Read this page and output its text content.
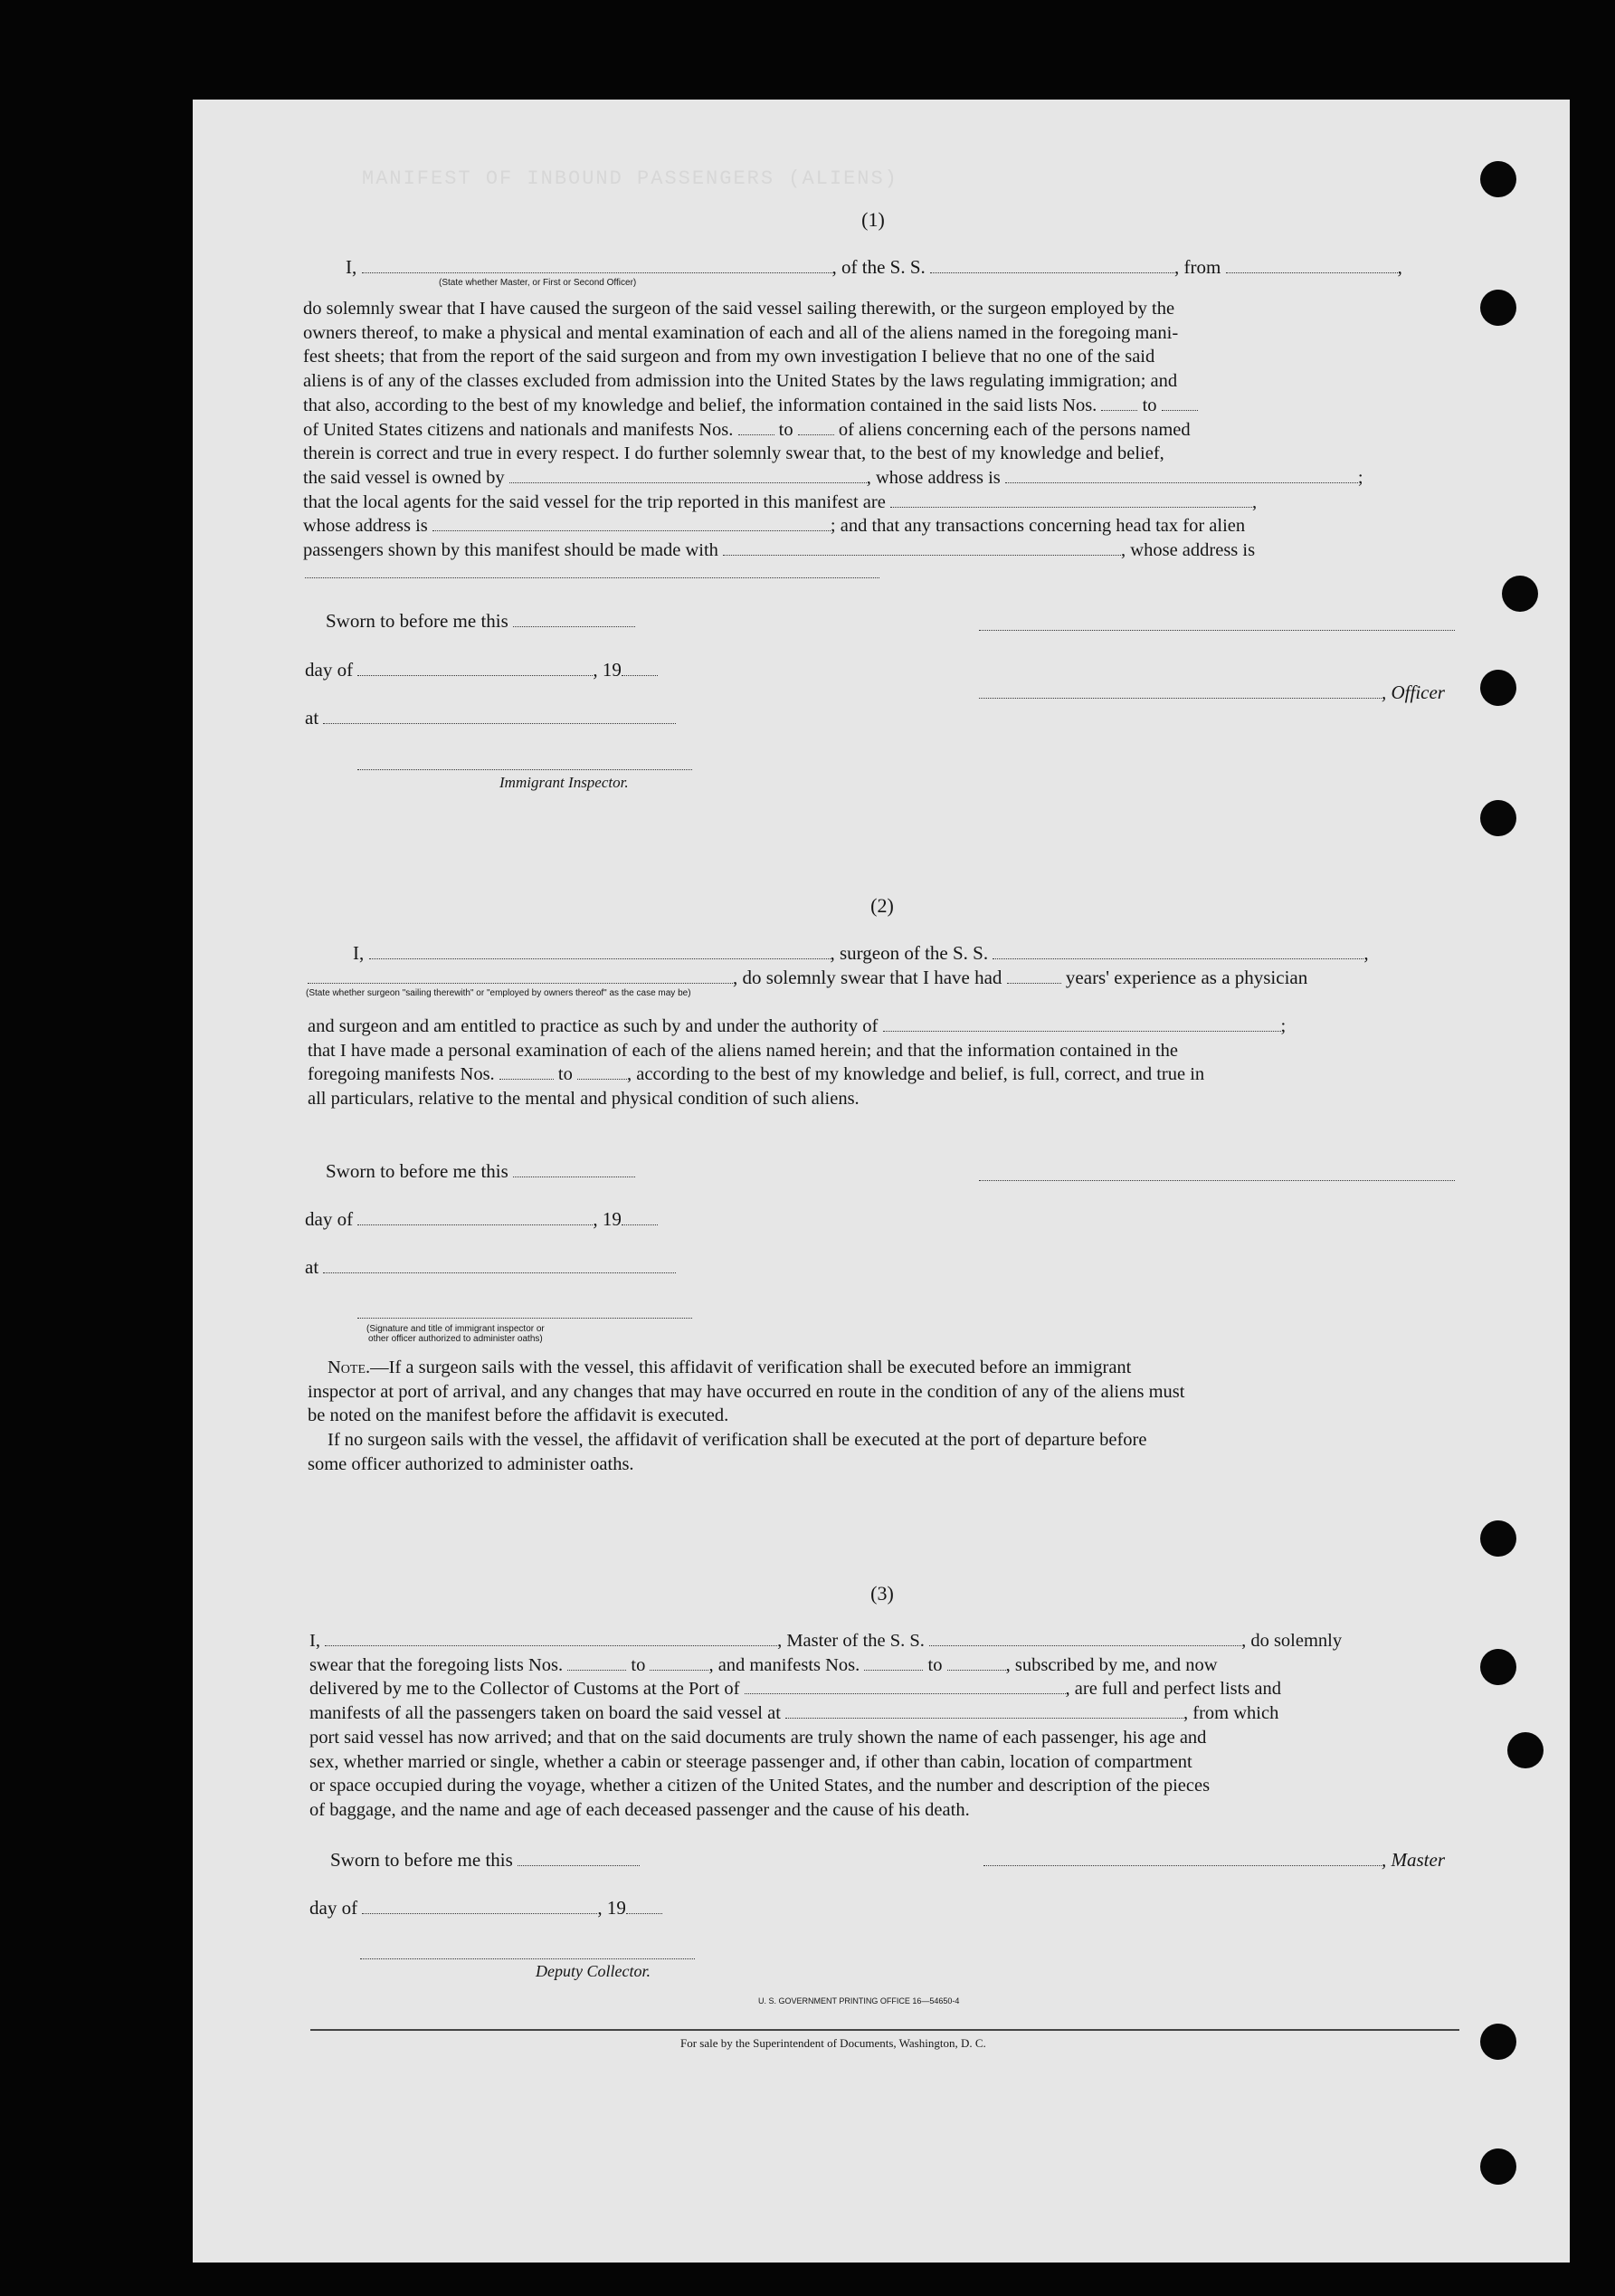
MANIFEST OF INBOUND PASSENGERS (ALIENS)
(1)
I,	, of the S. S.	, from	,
(State whether Master, or First or Second Officer)

do solemnly swear that I have caused the surgeon of the said vessel sailing therewith, or the surgeon employed by the

owners thereof, to make a physical and mental examination of each and all of the aliens named in the foregoing mani-

fest sheets; that from the report of the said surgeon and from my own investigation I believe that no one of the said

aliens is of any of the classes excluded from admission into the United States by the laws regulating immigration; and

that also, according to the best of my knowledge and belief, the information contained in the said lists Nos. to

of United States citizens and nationals and manifests Nos. to of aliens concerning each of the persons named

therein is correct and true in every respect. I do further solemnly swear that, to the best of my knowledge and belief,

the said vessel is owned by	, whose address is	;

that the local agents for the said vessel for the trip reported in this manifest are	,

whose address is	; and that any transactions concerning head tax for alien

passengers shown by this manifest should be made with	, whose address is

Sworn to before me this
day of	, 19
at
Immigrant Inspector.
, Officer
(2)
I,	, surgeon of the S. S.	,
, do solemnly swear that I have had	years' experience as a physician
(State whether surgeon "sailing therewith" or "employed by owners thereof" as the case may be)

and surgeon and am entitled to practice as such by and under the authority of	;

that I have made a personal examination of each of the aliens named herein; and that the information contained in the

foregoing manifests Nos.	to	, according to the best of my knowledge and belief, is full, correct, and true in

all particulars, relative to the mental and physical condition of such aliens.

Sworn to before me this
day of	, 19
at
(Signature and title of immigrant inspector or
other officer authorized to administer oaths)

Note.—If a surgeon sails with the vessel, this affidavit of verification shall be executed before an immigrant

inspector at port of arrival, and any changes that may have occurred en route in the condition of any of the aliens must

be noted on the manifest before the affidavit is executed.

If no surgeon sails with the vessel, the affidavit of verification shall be executed at the port of departure before

some officer authorized to administer oaths.

(3)

I,	, Master of the S. S.	, do solemnly

swear that the foregoing lists Nos.	to	, and manifests Nos.	to	, subscribed by me, and now

delivered by me to the Collector of Customs at the Port of	, are full and perfect lists and

manifests of all the passengers taken on board the said vessel at	, from which

port said vessel has now arrived; and that on the said documents are truly shown the name of each passenger, his age and

sex, whether married or single, whether a cabin or steerage passenger and, if other than cabin, location of compartment

or space occupied during the voyage, whether a citizen of the United States, and the number and description of the pieces

of baggage, and the name and age of each deceased passenger and the cause of his death.

Sworn to before me this	, Master
day of	, 19
Deputy Collector.
U. S. GOVERNMENT PRINTING OFFICE 16—54650-4
For sale by the Superintendent of Documents, Washington, D. C.
